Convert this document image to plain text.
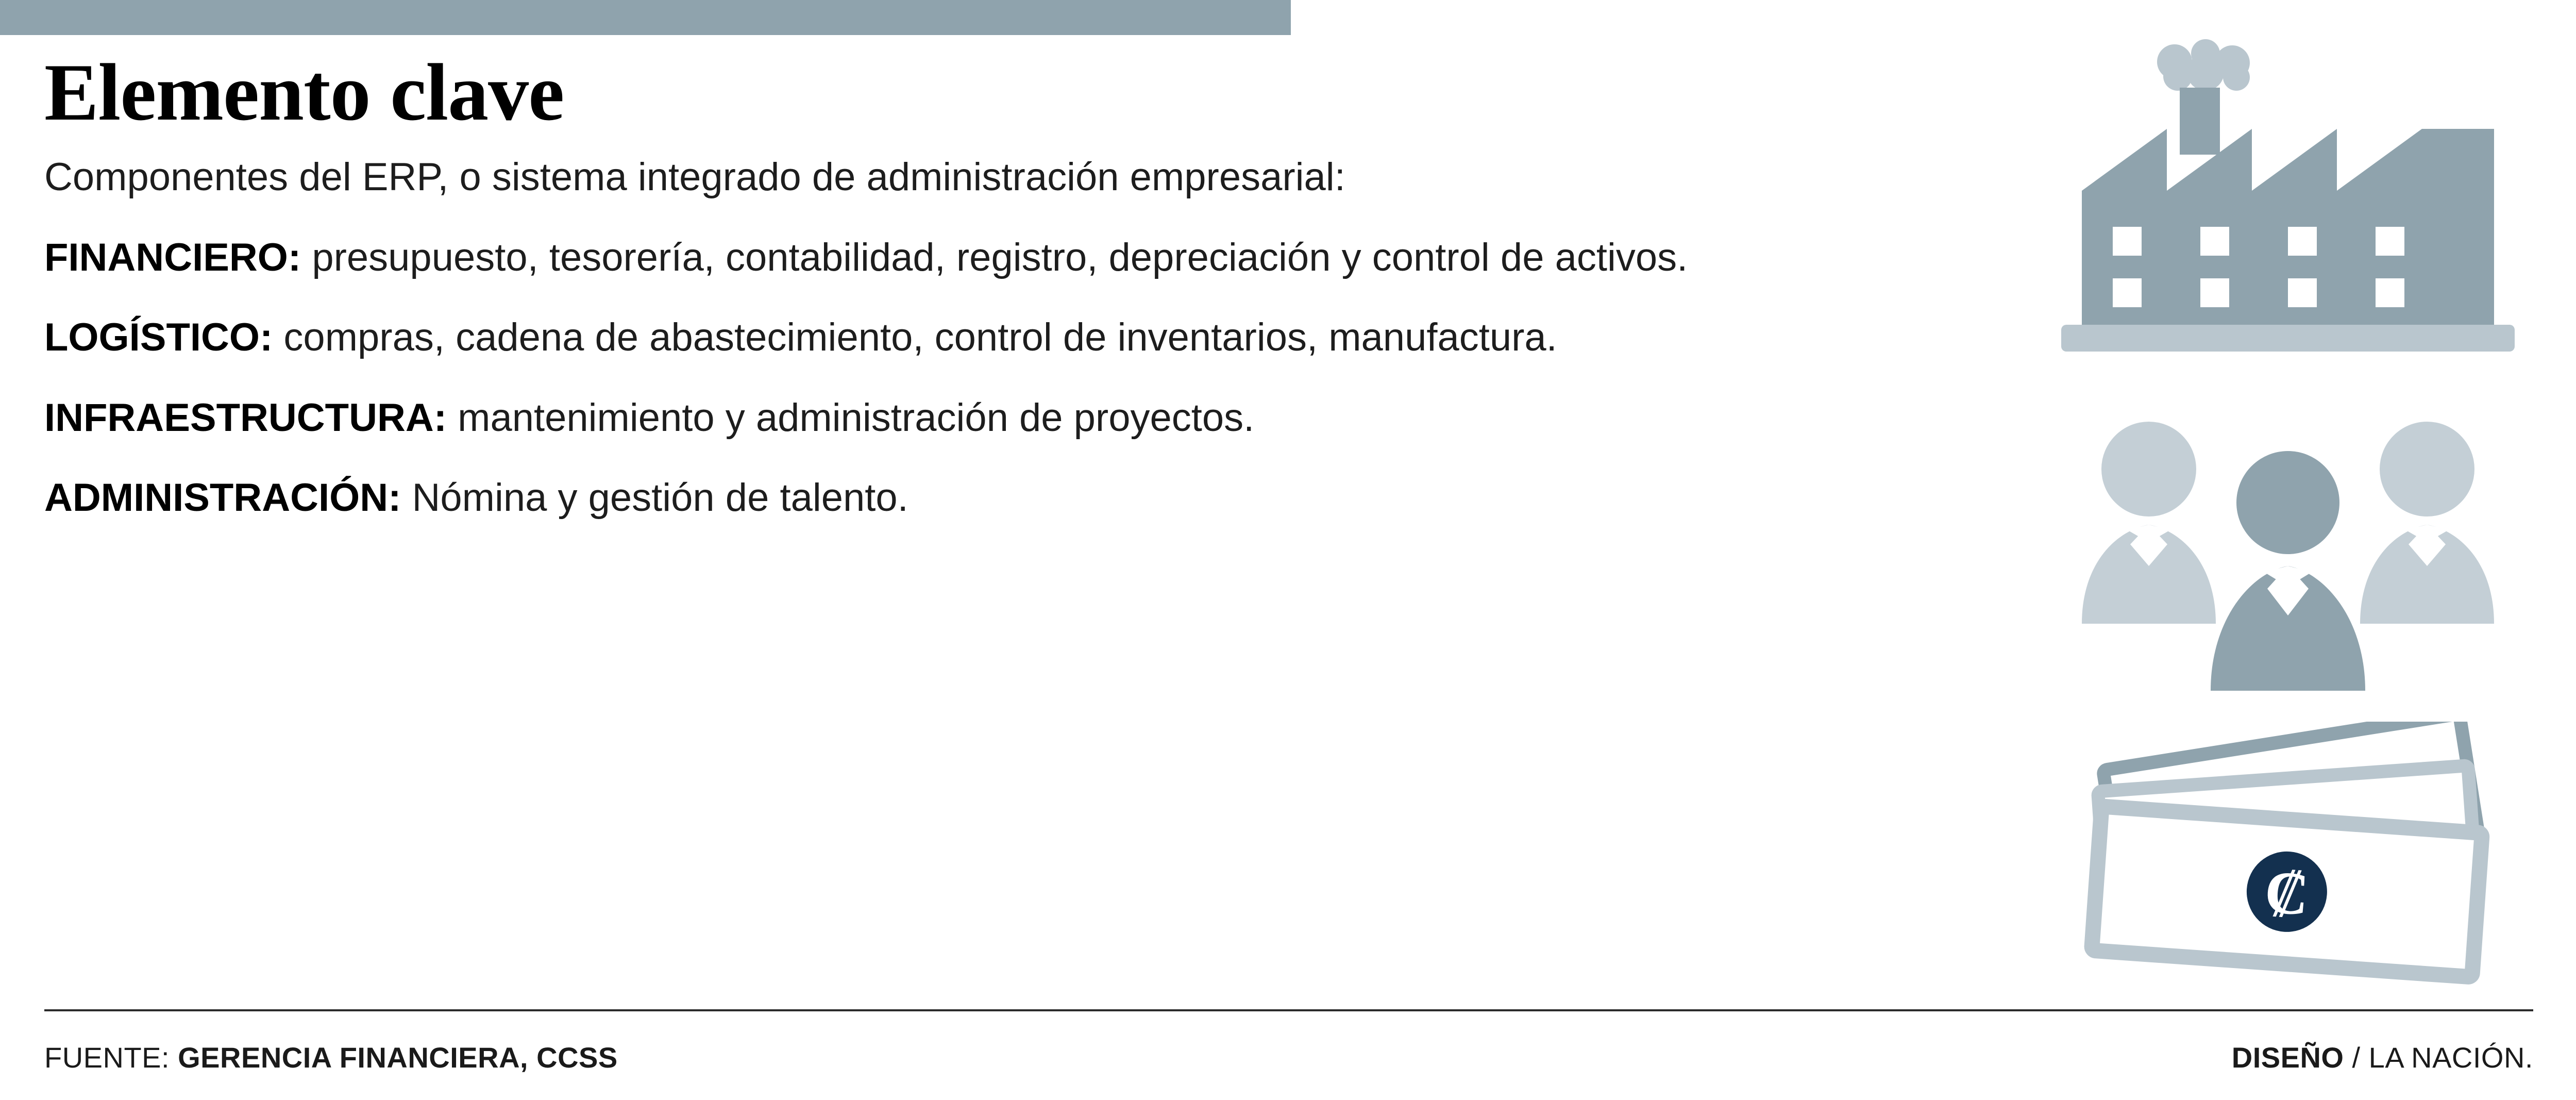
Elemento clave

Componentes del ERP, o sistema integrado de administración empresarial:

FINANCIERO: presupuesto, tesorería, contabilidad, registro, depreciación y control de activos.

LOGÍSTICO: compras, cadena de abastecimiento, control de inventarios, manufactura.

INFRAESTRUCTURA: mantenimiento y administración de proyectos.

ADMINISTRACIÓN: Nómina y gestión de talento.

FUENTE: GERENCIA FINANCIERA, CCSS	DISEÑO / LA NACIÓN.
₡
